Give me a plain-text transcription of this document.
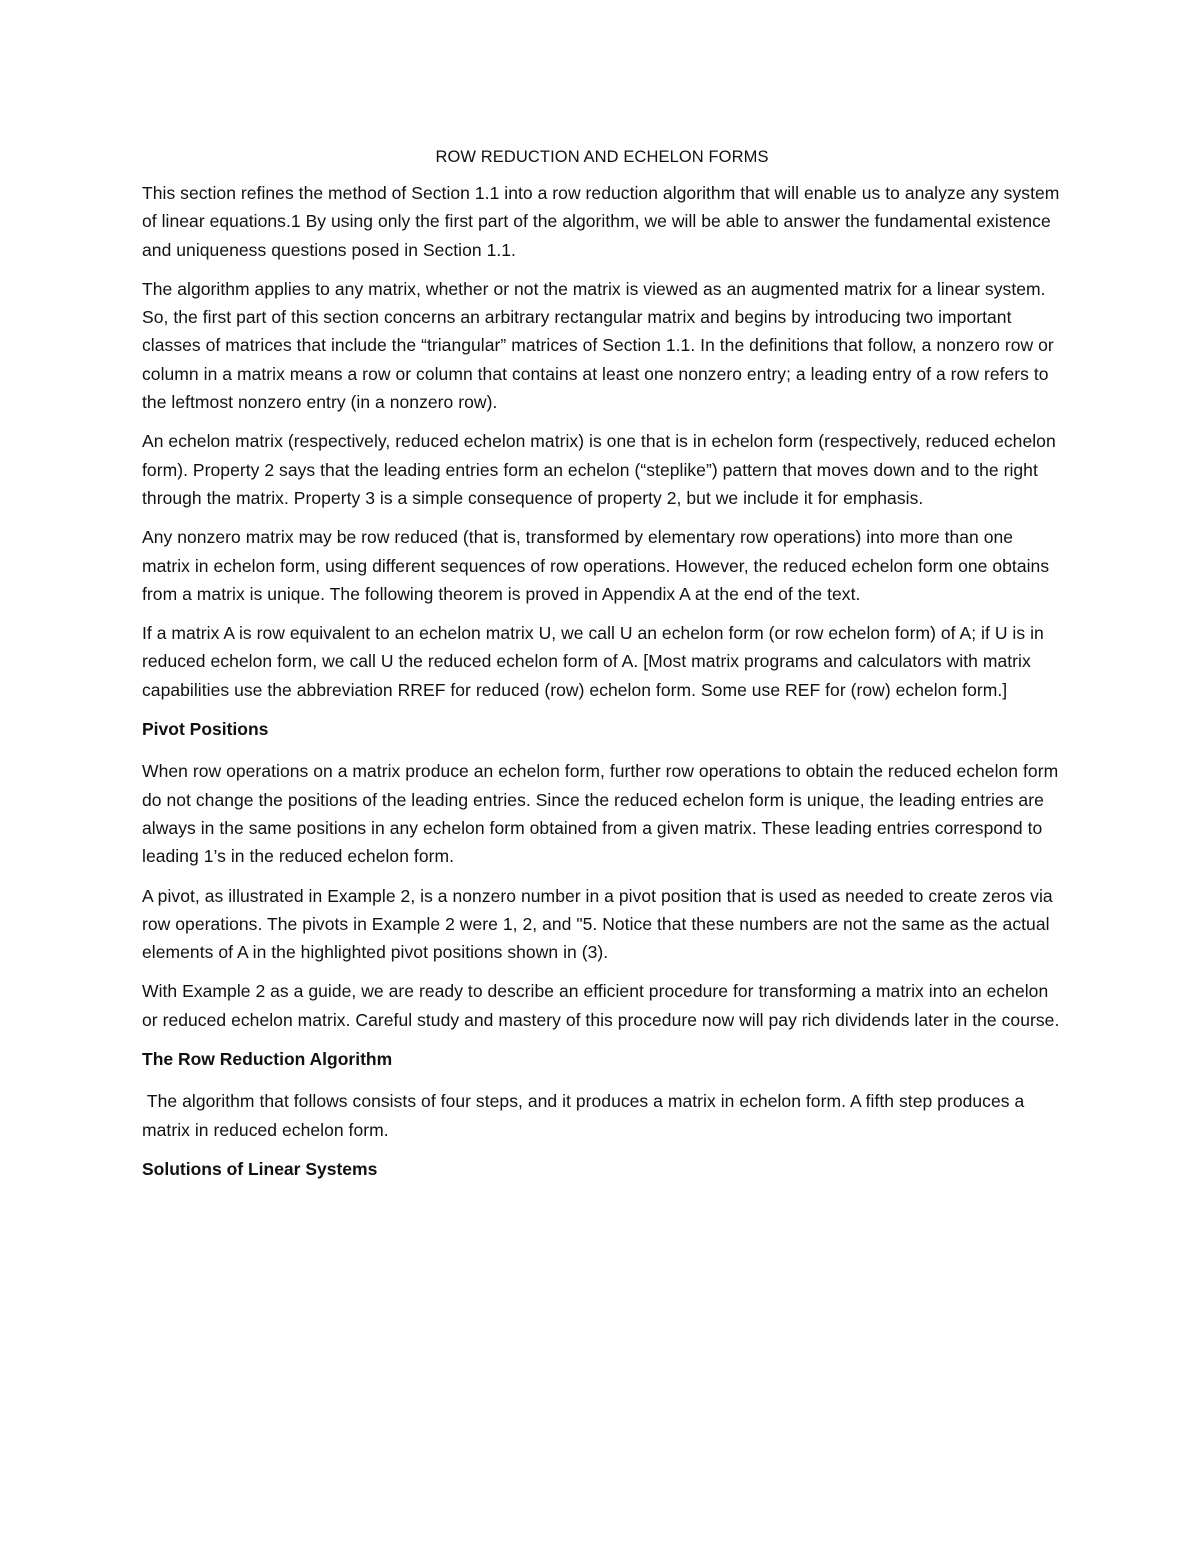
ROW REDUCTION AND ECHELON FORMS

This section refines the method of Section 1.1 into a row reduction algorithm that will enable us to analyze any system of linear equations.1 By using only the first part of the algorithm, we will be able to answer the fundamental existence and uniqueness questions posed in Section 1.1.

The algorithm applies to any matrix, whether or not the matrix is viewed as an augmented matrix for a linear system. So, the first part of this section concerns an arbitrary rectangular matrix and begins by introducing two important classes of matrices that include the “triangular” matrices of Section 1.1. In the definitions that follow, a nonzero row or column in a matrix means a row or column that contains at least one nonzero entry; a leading entry of a row refers to the leftmost nonzero entry (in a nonzero row).

An echelon matrix (respectively, reduced echelon matrix) is one that is in echelon form (respectively, reduced echelon form). Property 2 says that the leading entries form an echelon (“steplike”) pattern that moves down and to the right through the matrix. Property 3 is a simple consequence of property 2, but we include it for emphasis.

Any nonzero matrix may be row reduced (that is, transformed by elementary row operations) into more than one matrix in echelon form, using different sequences of row operations. However, the reduced echelon form one obtains from a matrix is unique. The following theorem is proved in Appendix A at the end of the text.

If a matrix A is row equivalent to an echelon matrix U, we call U an echelon form (or row echelon form) of A; if U is in reduced echelon form, we call U the reduced echelon form of A. [Most matrix programs and calculators with matrix capabilities use the abbreviation RREF for reduced (row) echelon form. Some use REF for (row) echelon form.]

Pivot Positions

When row operations on a matrix produce an echelon form, further row operations to obtain the reduced echelon form do not change the positions of the leading entries. Since the reduced echelon form is unique, the leading entries are always in the same positions in any echelon form obtained from a given matrix. These leading entries correspond to leading 1’s in the reduced echelon form.

A pivot, as illustrated in Example 2, is a nonzero number in a pivot position that is used as needed to create zeros via row operations. The pivots in Example 2 were 1, 2, and "5. Notice that these numbers are not the same as the actual elements of A in the highlighted pivot positions shown in (3).

With Example 2 as a guide, we are ready to describe an efficient procedure for transforming a matrix into an echelon or reduced echelon matrix. Careful study and mastery of this procedure now will pay rich dividends later in the course.

The Row Reduction Algorithm

The algorithm that follows consists of four steps, and it produces a matrix in echelon form. A fifth step produces a matrix in reduced echelon form.

Solutions of Linear Systems
